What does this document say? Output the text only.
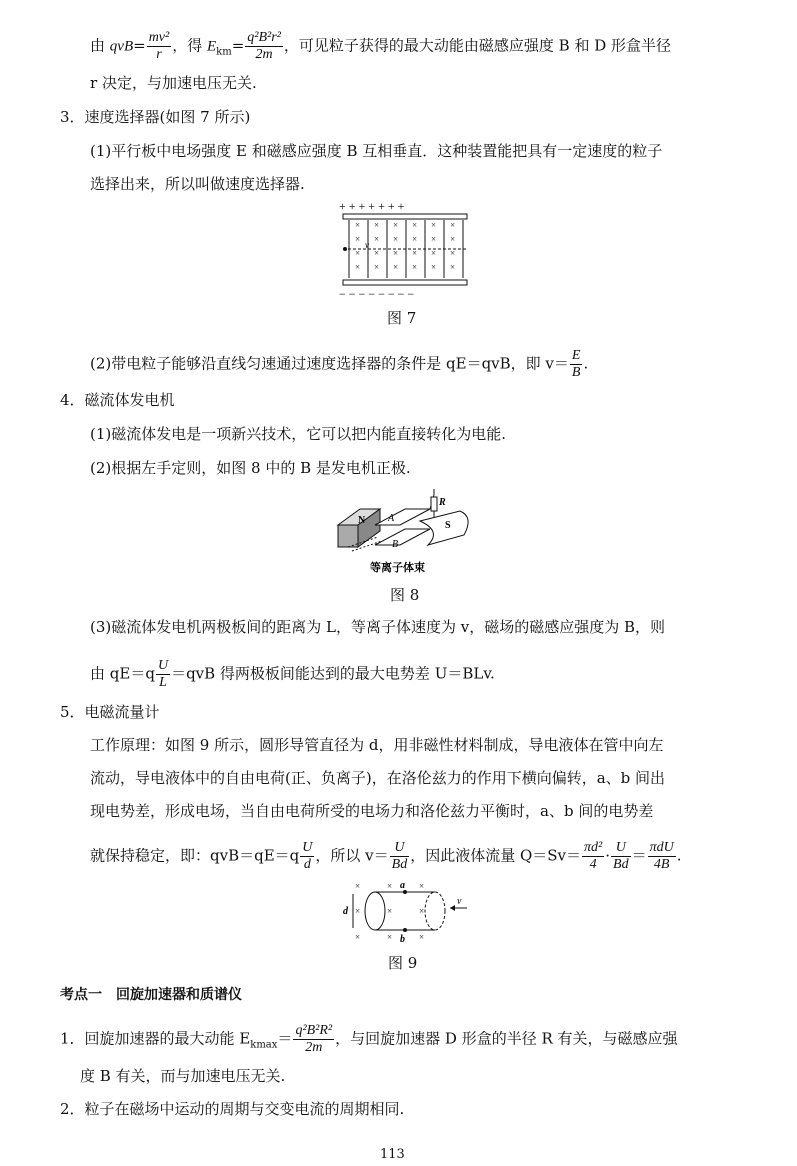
由 $qvB= \frac{\text{mv²}}{r}$ ，得 $E_{km}= \frac{\text{q²B²r²}}{2m}$ ，可见粒子获得的最大动能由磁感应强度 B 和 D 形盒半径
r 决定，与加速电压无关.
3．速度选择器(如图 7 所示)
(1)平行板中电场强度 E 和磁感应强度 B 互相垂直．这种装置能把具有一定速度的粒子
选择出来，所以叫做速度选择器.
+ + + + + + +
− − − − − − − −
v
× × × × × ×
× × × × × ×
× × × × × ×
× × × × × ×
图 7
(2)带电粒子能够沿直线匀速通过速度选择器的条件是 qE＝qvB，即 $v= \frac{E}{B}$ .
4．磁流体发电机
(1)磁流体发电是一项新兴技术，它可以把内能直接转化为电能.
(2)根据左手定则，如图 8 中的 B 是发电机正极.
N A
B
R
S
等离子体束
图 8
(3)磁流体发电机两极板间的距离为 L，等离子体速度为 v，磁场的磁感应强度为 B，则
由 $qE=q \frac{U}{L} =qvB$ 得两极板间能达到的最大电势差 U＝BLv.
5．电磁流量计
工作原理：如图 9 所示，圆形导管直径为 d，用非磁性材料制成，导电液体在管中向左
流动，导电液体中的自由电荷(正、负离子)，在洛伦兹力的作用下横向偏转，a、b 间出
现电势差，形成电场，当自由电荷所受的电场力和洛伦兹力平衡时，a、b 间的电势差
就保持稳定，即：$qvB=qE=q \frac{U}{d}$ ，所以 $v= \frac{U}{Bd}$ ，因此液体流量 $Q=Sv= \frac{\text{πd²}}{4} \cdot \frac{U}{Bd} = \frac{\text{πdU}}{4B}$ .
×	×	×
×	×	×
×	×	×
a
b
d
v
图 9
考点一　回旋加速器和质谱仪
1．回旋加速器的最大动能 $E_{kmax}= \frac{\text{q²B²R²}}{2m}$ ，与回旋加速器 D 形盒的半径 R 有关，与磁感应强
度 B 有关，而与加速电压无关.
2．粒子在磁场中运动的周期与交变电流的周期相同.
113
